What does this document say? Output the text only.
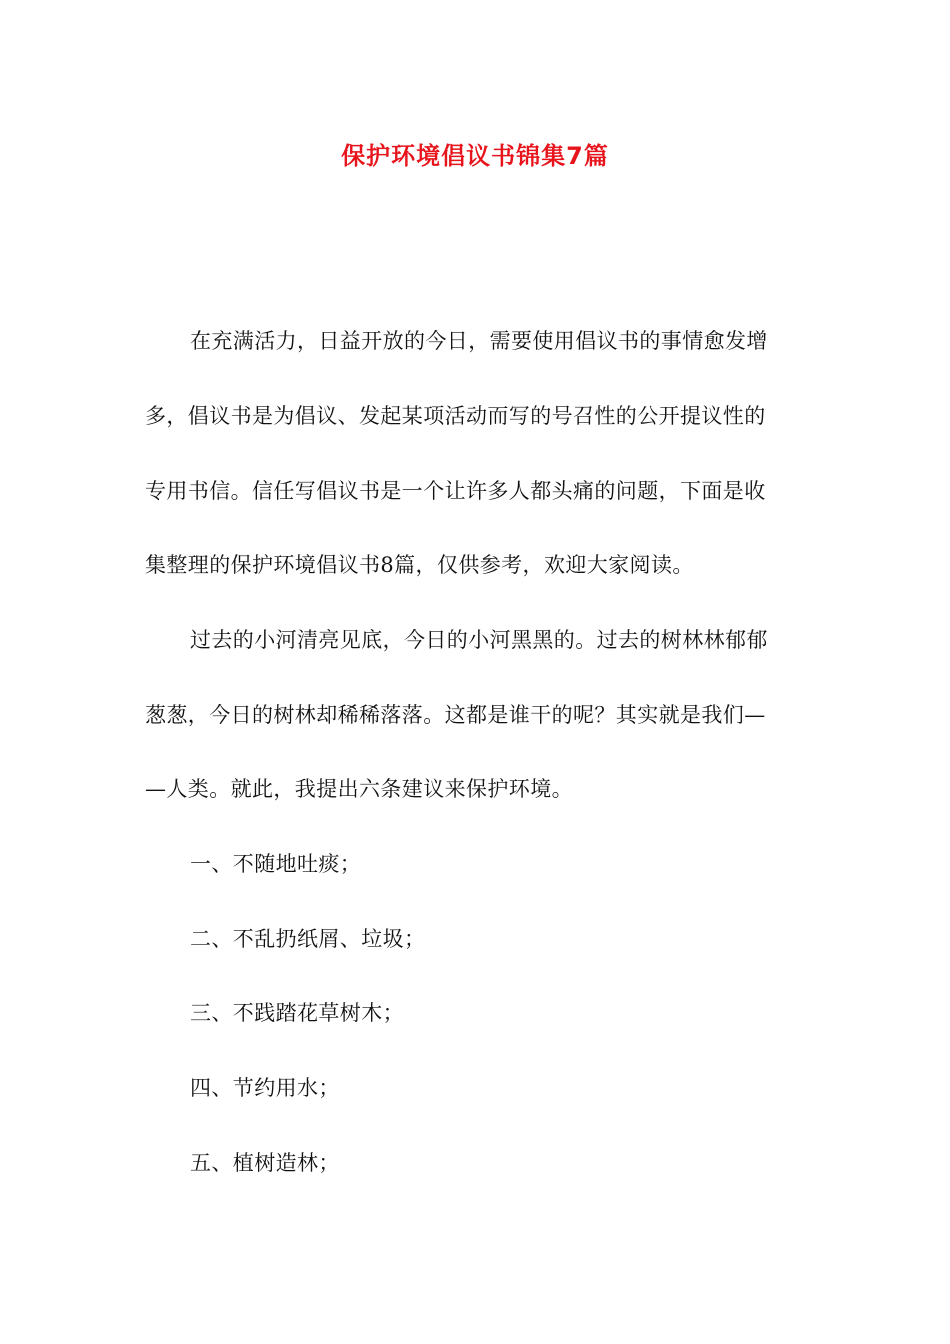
保护环境倡议书锦集7篇
在充满活力，日益开放的今日，需要使用倡议书的事情愈发增
多，倡议书是为倡议、发起某项活动而写的号召性的公开提议性的
专用书信。信任写倡议书是一个让许多人都头痛的问题，下面是收
集整理的保护环境倡议书8篇，仅供参考，欢迎大家阅读。
过去的小河清亮见底，今日的小河黑黑的。过去的树林林郁郁
葱葱，今日的树林却稀稀落落。这都是谁干的呢？其实就是我们—
—人类。就此，我提出六条建议来保护环境。
一、不随地吐痰；
二、不乱扔纸屑、垃圾；
三、不践踏花草树木；
四、节约用水；
五、植树造林；
